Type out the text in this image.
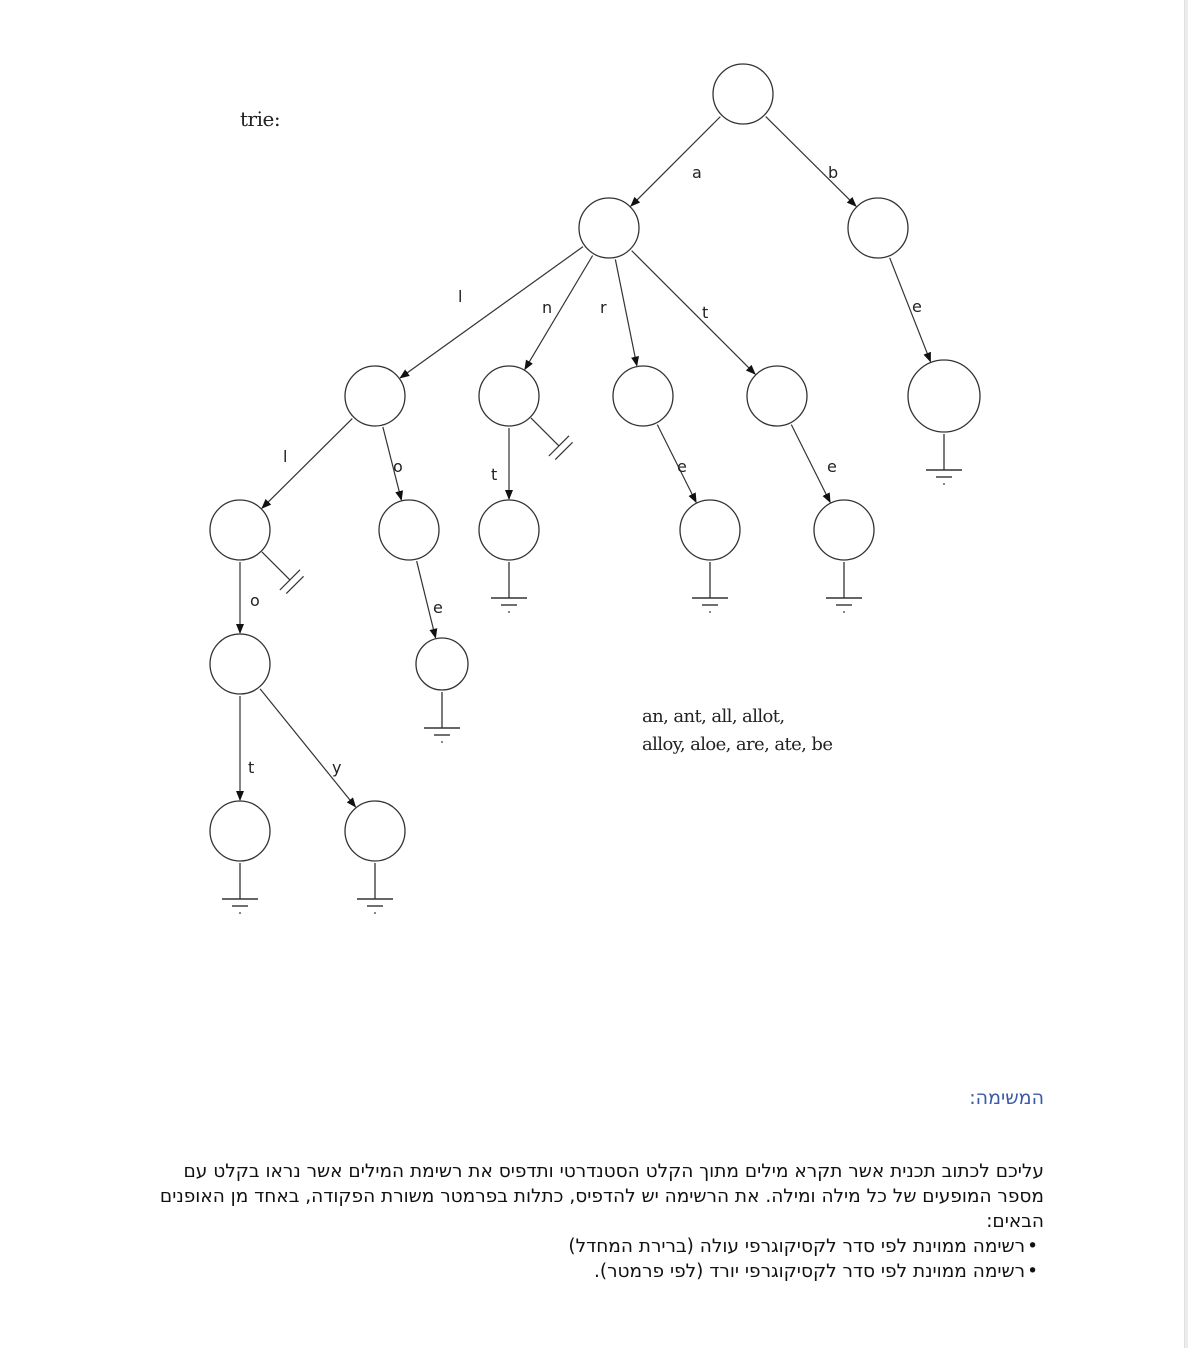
a	b
l
n	r	t	e
l
o	t	e	e
o	e
t	y
trie:
an, ant, all, allot,
alloy, aloe, are, ate, be
המשימה:
עליכם לכתוב תכנית אשר תקרא מילים מתוך הקלט הסטנדרטי ותדפיס את רשימת המילים אשר נראו בקלט עם מספר המופעים של כל מילה ומילה. את הרשימה יש להדפיס, כתלות בפרמטר משורת הפקודה, באחד מן האופנים הבאים:
• רשימה ממוינת לפי סדר לקסיקוגרפי עולה (ברירת המחדל)
• רשימה ממוינת לפי סדר לקסיקוגרפי יורד (לפי פרמטר).
